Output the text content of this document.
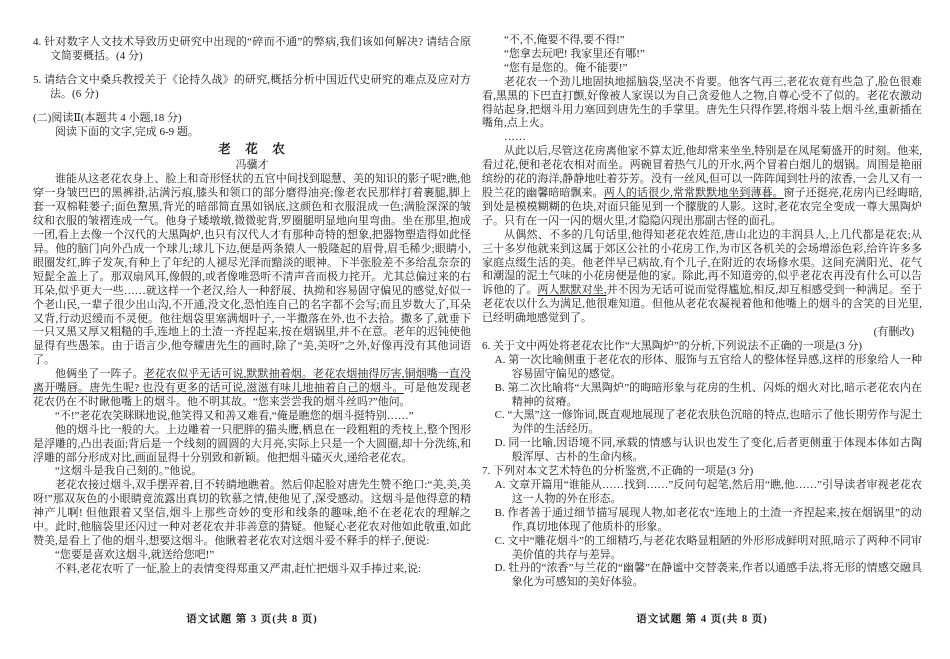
4. 针对数字人文技术导致历史研究中出现的“碎而不通”的弊病,我们该如何解决? 请结合原文简要概括。(4 分)
5. 请结合文中桑兵教授关于《论持久战》的研究,概括分析中国近代史研究的难点及应对方法。(6 分)
(二)阅读Ⅱ(本题共 4 小题,18 分)
阅读下面的文字,完成 6-9 题。
老　花　农
冯骥才
谁能从这老花农身上、脸上和奇形怪状的五官中间找到聪慧、美的知识的影子呢?瞧,他穿一身皱巴巴的黑裤褂,沾满污痕,膝头和领口的部分磨得油亮;像老农民那样打着裹腿,脚上套一双棉鞋蒌子;面色黧黑,背光的暗部简直黑如锅底,这颜色和衣服混成一色;满脸深深的皱纹和衣服的皱褶连成一气。他身子矮墩墩,微微驼背,罗圈腿明显地向里弯曲。坐在那里,抱成一团,看上去像一个汉代的大黑陶炉,也只有汉代人才有那种奇特的想象,把器物塑造得如此怪异。他的脑门向外凸成一个球儿;球儿下边,便是两条猿人一般隆起的眉骨,眉毛稀少;眼睛小,眼圈发红,眸子发灰,有种上了年纪的人褪尽光泽而黯淡的眼神。下半张脸差不多给乱奈奈的短髭全盖上了。那双扇风耳,像假的,或者像唯恐听不清声音而极力挓开。尤其总偏过来的右耳朵,似乎更大一些……就这样一个老汉,给人一种舒展、执拗和容易固守偏见的感觉,好似一个老山民,一辈子很少出山沟,不开通,没文化,恐怕连自己的名字都不会写;而且岁数大了,耳朵又背,行动迟缓而不灵便。他往烟袋里塞满烟叶子,一半撒落在外,也不去拾。撒多了,就垂下一只又黑又厚又粗糙的手,连地上的土渣一齐捏起来,按在烟锅里,并不在意。老年的迟钝使他显得有些愚笨。由于语言少,他夸耀唐先生的画时,除了“美,美呀”之外,好像再没有其他词语了。
他俩坐了一阵子。老花农似乎无话可说,默默抽着烟。老花农烟抽得厉害,铜烟嘴一直没离开嘴唇。唐先生呢? 也没有更多的话可说,滋滋有味儿地抽着自己的烟斗。可是他发现老花农仍在不时瞅他嘴上的烟斗。他不明其故。“您来尝尝我的烟斗丝吗?”他问。
“不!”老花农笑眯眯地说,他笑得又和善又难看,“俺是瞧您的烟斗挺特别……”
他的烟斗比一般的大。上边雕着一只肥胖的猫头鹰,栖息在一段粗粗的秃枝上,整个图形是浮雕的,凸出表面;背后是一个线刻的圆圆的大月亮,实际上只是一个大圆圈,却十分洗练,和浮雕的部分形成对比,画面显得十分别致和新颖。他把烟斗磕灭火,递给老花农。
“这烟斗是我自己刻的。”他说。
老花农接过烟斗,双手摆弄着,目不转睛地瞧着。然后仰起脸对唐先生赞不绝口:“美,美,美呀!”那双灰色的小眼睛竟流露出真切的钦慕之情,使他见了,深受感动。这烟斗是他得意的精神产儿啊! 但他跟着又坚信,烟斗上那些奇妙的变形和线条的趣味,绝不在老花农的理解之中。此时,他脑袋里还闪过一种对老花农并非善意的猜疑。他疑心老花农对他如此敬重,如此赞美,是看上了他的烟斗,想要这烟斗。他瞅着老花农对这烟斗爱不释手的样子,便说:
“您要是喜欢这烟斗,就送给您吧!”
不料,老花农听了一怔,脸上的表情变得郑重又严肃,赶忙把烟斗双手捧过来,说:
语文试题 第 3 页(共 8 页)
“不,不,俺要不得,要不得!”
“您拿去玩吧! 我家里还有哪!”
“您有是您的。俺不能要!”
老花农一个劲儿地固执地摇脑袋,坚决不肯要。他客气再三,老花农竟有些急了,脸色很难看,黑黑的下巴直打颤,好像被人家误以为自己贪爱他人之物,自尊心受不了似的。老花农激动得站起身,把烟斗用力塞回到唐先生的手掌里。唐先生只得作罢,将烟斗装上烟斗丝,重新插在嘴角,点上火。
……
从此以后,尽管这花房离他家不算太近,他却常来坐坐,特别是在凤尾菊盛开的时刻。他来,看过花,便和老花农相对而坐。两碗冒着热气儿的开水,两个冒着白烟儿的烟锅。周围是艳丽缤纷的花的海洋,静静地吐着芬芳。没有一丝风,但可以一阵阵闻到牡丹的浓香,一会儿又有一股兰花的幽馨暗暗飘来。两人的话很少,常常默默地坐到薄暮。窗子还挺亮,花房内已经晦暗,到处是模模糊糊的色块,对面只能见到一个朦胧的人影。这时,老花农完全变成一尊大黑陶炉子。只有在一闪一闪的烟火里,才隐隐闪现出那副古怪的面孔。
从偶然、不多的几句话里,他得知老花农姓范,唐山北边的丰润县人,上几代都是花农;从三十多岁他就来到这属于郊区公社的小花房工作,为市区各机关的会场增添色彩,给许许多多家庭点缀生活的美。他老伴早已病故,有个儿子,在附近的农场修水渠。这间充满阳光、花气和潮湿的泥土气味的小花房便是他的家。除此,再不知道旁的,似乎老花农再没有什么可以告诉他的了。两人默默对坐,并不因为无话可说而觉得尴尬,相反,却互相感受到一种满足。至于老花农以什么为满足,他很难知道。但他从老花农凝视着他和他嘴上的烟斗的含笑的目光里,已经明确地感觉到了。
(有删改)
6. 关于文中两处将老花农比作“大黑陶炉”的分析,下列说法不正确的一项是(3 分)
A. 第一次比喻侧重于老花农的形体、服饰与五官给人的整体怪异感,这样的形象给人一种容易固守偏见的感觉。
B. 第二次比喻将“大黑陶炉”的晦暗形象与花房的生机、闪烁的烟火对比,暗示老花农内在精神的贫瘠。
C. “大黑”这一修饰词,既直观地展现了老花农肤色沉暗的特点,也暗示了他长期劳作与泥土为伴的生活经历。
D. 同一比喻,因语境不同,承载的情感与认识也发生了变化,后者更侧重于体现本体如古陶般浑厚、古朴的生命内核。
7. 下列对本文艺术特色的分析鉴赏,不正确的一项是(3 分)
A. 文章开篇用“谁能从……找到……”反问句起笔,然后用“瞧,他……”引导读者审视老花农这一人物的外在形态。
B. 作者善于通过细节描写展现人物,如老花农“连地上的土渣一齐捏起来,按在烟锅里”的动作,真切地体现了他质朴的形象。
C. 文中“雕花烟斗”的工细精巧,与老花农略显粗陋的外形形成鲜明对照,暗示了两种不同审美价值的共存与差异。
D. 牡丹的“浓香”与兰花的“幽馨”在静谧中交替袭来,作者以通感手法,将无形的情感交融具象化为可感知的美好体验。
语文试题 第 4 页(共 8 页)
